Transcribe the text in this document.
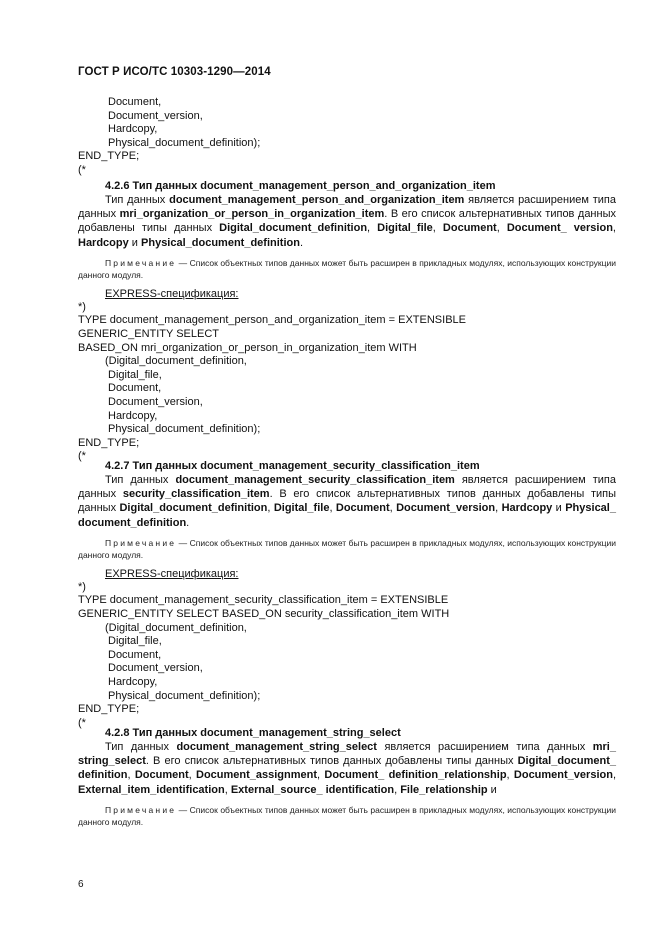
ГОСТ Р ИСО/ТС 10303-1290—2014
Document,
Document_version,
Hardcopy,
Physical_document_definition);
END_TYPE;
(*
4.2.6 Тип данных document_management_person_and_organization_item
Тип данных document_management_person_and_organization_item является расширением типа данных mri_organization_or_person_in_organization_item. В его список альтернативных типов данных добавлены типы данных Digital_document_definition, Digital_file, Document, Document_ version, Hardcopy и Physical_document_definition.
Примечание — Список объектных типов данных может быть расширен в прикладных модулях, использующих конструкции данного модуля.
EXPRESS-спецификация:
*)
TYPE document_management_person_and_organization_item = EXTENSIBLE
GENERIC_ENTITY SELECT
BASED_ON mri_organization_or_person_in_organization_item WITH
(Digital_document_definition,
Digital_file,
Document,
Document_version,
Hardcopy,
Physical_document_definition);
END_TYPE;
(*
4.2.7 Тип данных document_management_security_classification_item
Тип данных document_management_security_classification_item является расширением типа данных security_classification_item. В его список альтернативных типов данных добавлены типы данных Digital_document_definition, Digital_file, Document, Document_version, Hardcopy и Physical_ document_definition.
Примечание — Список объектных типов данных может быть расширен в прикладных модулях, использующих конструкции данного модуля.
EXPRESS-спецификация:
*)
TYPE document_management_security_classification_item = EXTENSIBLE
GENERIC_ENTITY SELECT BASED_ON security_classification_item WITH
(Digital_document_definition,
Digital_file,
Document,
Document_version,
Hardcopy,
Physical_document_definition);
END_TYPE;
(*
4.2.8 Тип данных document_management_string_select
Тип данных document_management_string_select является расширением типа данных mri_ string_select. В его список альтернативных типов данных добавлены типы данных Digital_document_ definition, Document, Document_assignment, Document_ definition_relationship, Document_version, External_item_identification, External_source_ identification, File_relationship и
Примечание — Список объектных типов данных может быть расширен в прикладных модулях, использующих конструкции данного модуля.
6
